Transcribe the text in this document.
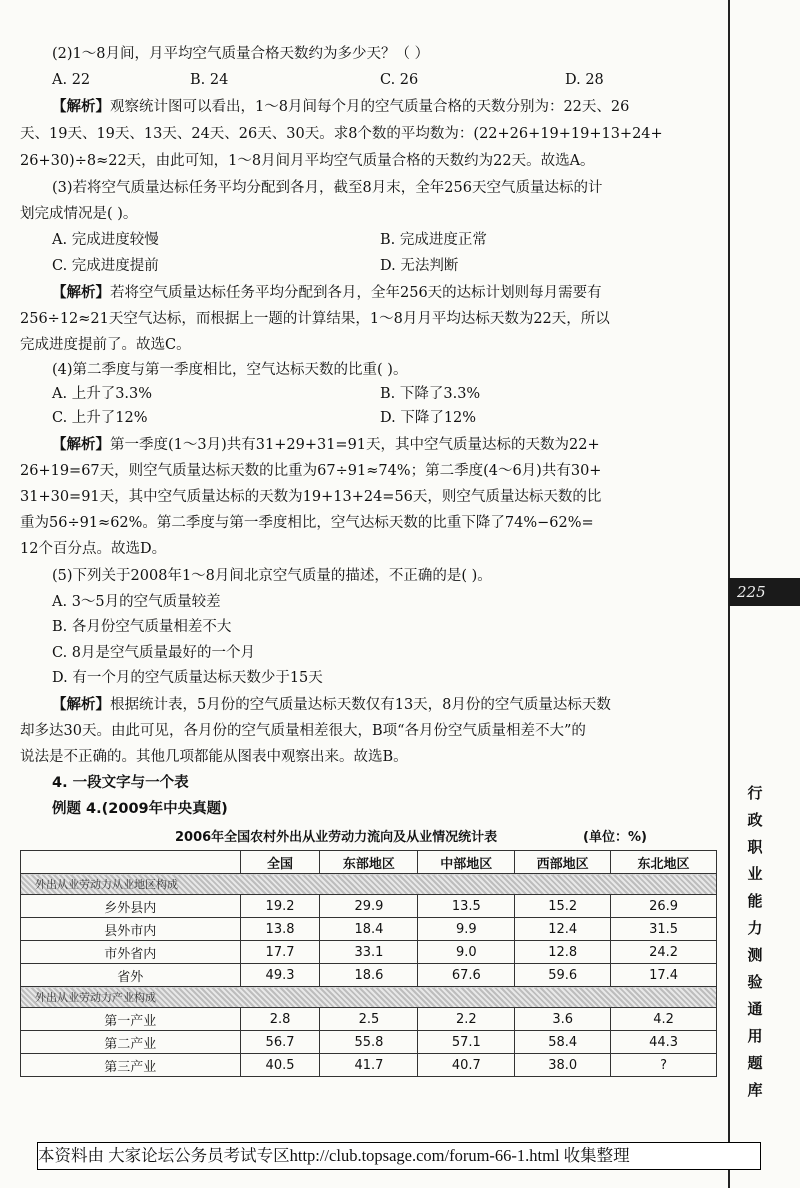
(2)1～8月间，月平均空气质量合格天数约为多少天？（ ）
A. 22	B. 24	C. 26	D. 28
【解析】观察统计图可以看出，1～8月间每个月的空气质量合格的天数分别为：22天、26
天、19天、19天、13天、24天、26天、30天。求8个数的平均数为：(22+26+19+19+13+24+
26+30)÷8≈22天，由此可知，1～8月间月平均空气质量合格的天数约为22天。故选A。
(3)若将空气质量达标任务平均分配到各月，截至8月末，全年256天空气质量达标的计
划完成情况是( )。
A. 完成进度较慢	B. 完成进度正常
C. 完成进度提前	D. 无法判断
【解析】若将空气质量达标任务平均分配到各月，全年256天的达标计划则每月需要有
256÷12≈21天空气达标，而根据上一题的计算结果，1～8月月平均达标天数为22天，所以
完成进度提前了。故选C。
(4)第二季度与第一季度相比，空气达标天数的比重( )。
A. 上升了3.3%	B. 下降了3.3%
C. 上升了12%	D. 下降了12%
【解析】第一季度(1～3月)共有31+29+31=91天，其中空气质量达标的天数为22+
26+19=67天，则空气质量达标天数的比重为67÷91≈74%；第二季度(4～6月)共有30+
31+30=91天，其中空气质量达标的天数为19+13+24=56天，则空气质量达标天数的比
重为56÷91≈62%。第二季度与第一季度相比，空气达标天数的比重下降了74%−62%=
12个百分点。故选D。
(5)下列关于2008年1～8月间北京空气质量的描述，不正确的是( )。
A. 3～5月的空气质量较差
B. 各月份空气质量相差不大
C. 8月是空气质量最好的一个月
D. 有一个月的空气质量达标天数少于15天
【解析】根据统计表，5月份的空气质量达标天数仅有13天，8月份的空气质量达标天数
却多达30天。由此可见，各月份的空气质量相差很大，B项“各月份空气质量相差不大”的
说法是不正确的。其他几项都能从图表中观察出来。故选B。
4. 一段文字与一个表
例题 4.(2009年中央真题)
2006年全国农村外出从业劳动力流向及从业情况统计表	(单位：%)
	全国	东部地区	中部地区	西部地区	东北地区
外出从业劳动力从业地区构成					
乡外县内	19.2	29.9	13.5	15.2	26.9
县外市内	13.8	18.4	9.9	12.4	31.5
市外省内	17.7	33.1	9.0	12.8	24.2
省外	49.3	18.6	67.6	59.6	17.4
外出从业劳动力产业构成					
第一产业	2.8	2.5	2.2	3.6	4.2
第二产业	56.7	55.8	57.1	58.4	44.3
第三产业	40.5	41.7	40.7	38.0	?
225
行政职业能力测验通用题库
本资料由 大家论坛公务员考试专区http://club.topsage.com/forum-66-1.html 收集整理
